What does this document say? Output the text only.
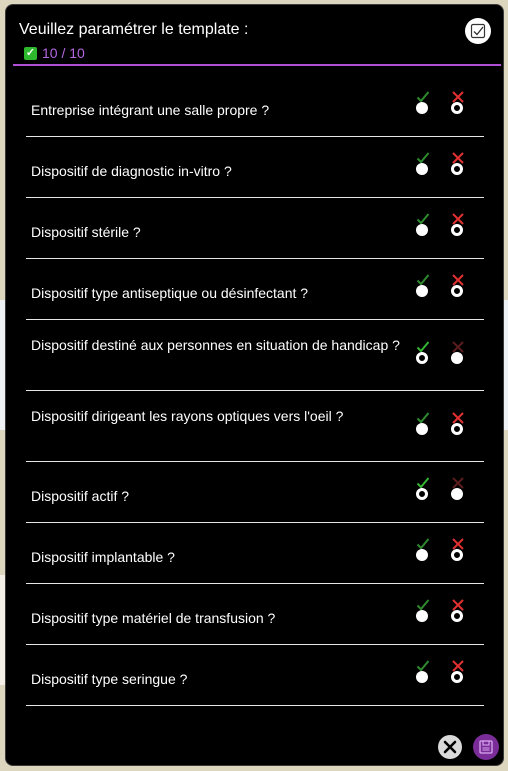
Veuillez paramétrer le template :
✓ 10 / 10
Entreprise intégrant une salle propre ?
Dispositif de diagnostic in-vitro ?
Dispositif stérile ?
Dispositif type antiseptique ou désinfectant ?
Dispositif destiné aux personnes en situation de handicap ?
Dispositif dirigeant les rayons optiques vers l'oeil ?
Dispositif actif ?
Dispositif implantable ?
Dispositif type matériel de transfusion ?
Dispositif type seringue ?
